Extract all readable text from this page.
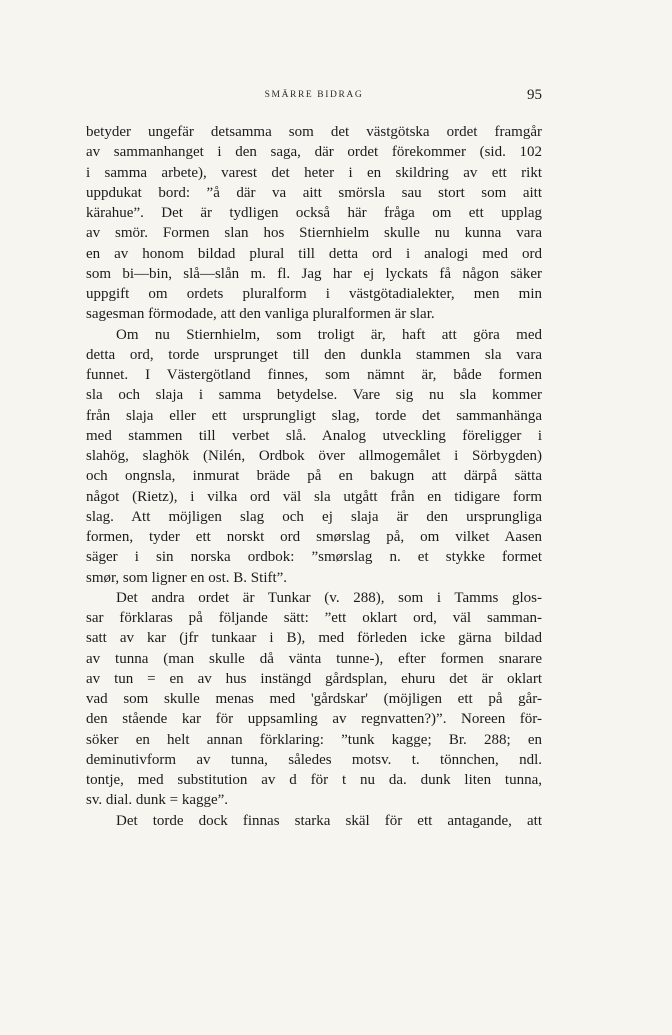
SMÄRRE BIDRAG	95
betyder ungefär detsamma som det västgötska ordet framgår
av sammanhanget i den saga, där ordet förekommer (sid. 102
i samma arbete), varest det heter i en skildring av ett rikt
uppdukat bord: ”å där va aitt smörsla sau stort som aitt
kärahue”. Det är tydligen också här fråga om ett upplag
av smör. Formen slan hos Stiernhielm skulle nu kunna vara
en av honom bildad plural till detta ord i analogi med ord
som bi—bin, slå—slån m. fl. Jag har ej lyckats få någon säker
uppgift om ordets pluralform i västgötadialekter, men min
sagesman förmodade, att den vanliga pluralformen är slar.
Om nu Stiernhielm, som troligt är, haft att göra med
detta ord, torde ursprunget till den dunkla stammen sla vara
funnet. I Västergötland finnes, som nämnt är, både formen
sla och slaja i samma betydelse. Vare sig nu sla kommer
från slaja eller ett ursprungligt slag, torde det sammanhänga
med stammen till verbet slå. Analog utveckling föreligger i
slahög, slaghök (Nilén, Ordbok över allmogemålet i Sörbygden)
och ongnsla, inmurat bräde på en bakugn att därpå sätta
något (Rietz), i vilka ord väl sla utgått från en tidigare form
slag. Att möjligen slag och ej slaja är den ursprungliga
formen, tyder ett norskt ord smørslag på, om vilket Aasen
säger i sin norska ordbok: ”smørslag n. et stykke formet
smør, som ligner en ost. B. Stift”.
Det andra ordet är Tunkar (v. 288), som i Tamms glos-
sar förklaras på följande sätt: ”ett oklart ord, väl samman-
satt av kar (jfr tunkaar i B), med förleden icke gärna bildad
av tunna (man skulle då vänta tunne-), efter formen snarare
av tun = en av hus instängd gårdsplan, ehuru det är oklart
vad som skulle menas med 'gårdskar' (möjligen ett på går-
den stående kar för uppsamling av regnvatten?)”. Noreen för-
söker en helt annan förklaring: ”tunk kagge; Br. 288; en
deminutivform av tunna, således motsv. t. tönnchen, ndl.
tontje, med substitution av d för t nu da. dunk liten tunna,
sv. dial. dunk = kagge”.
Det torde dock finnas starka skäl för ett antagande, att
